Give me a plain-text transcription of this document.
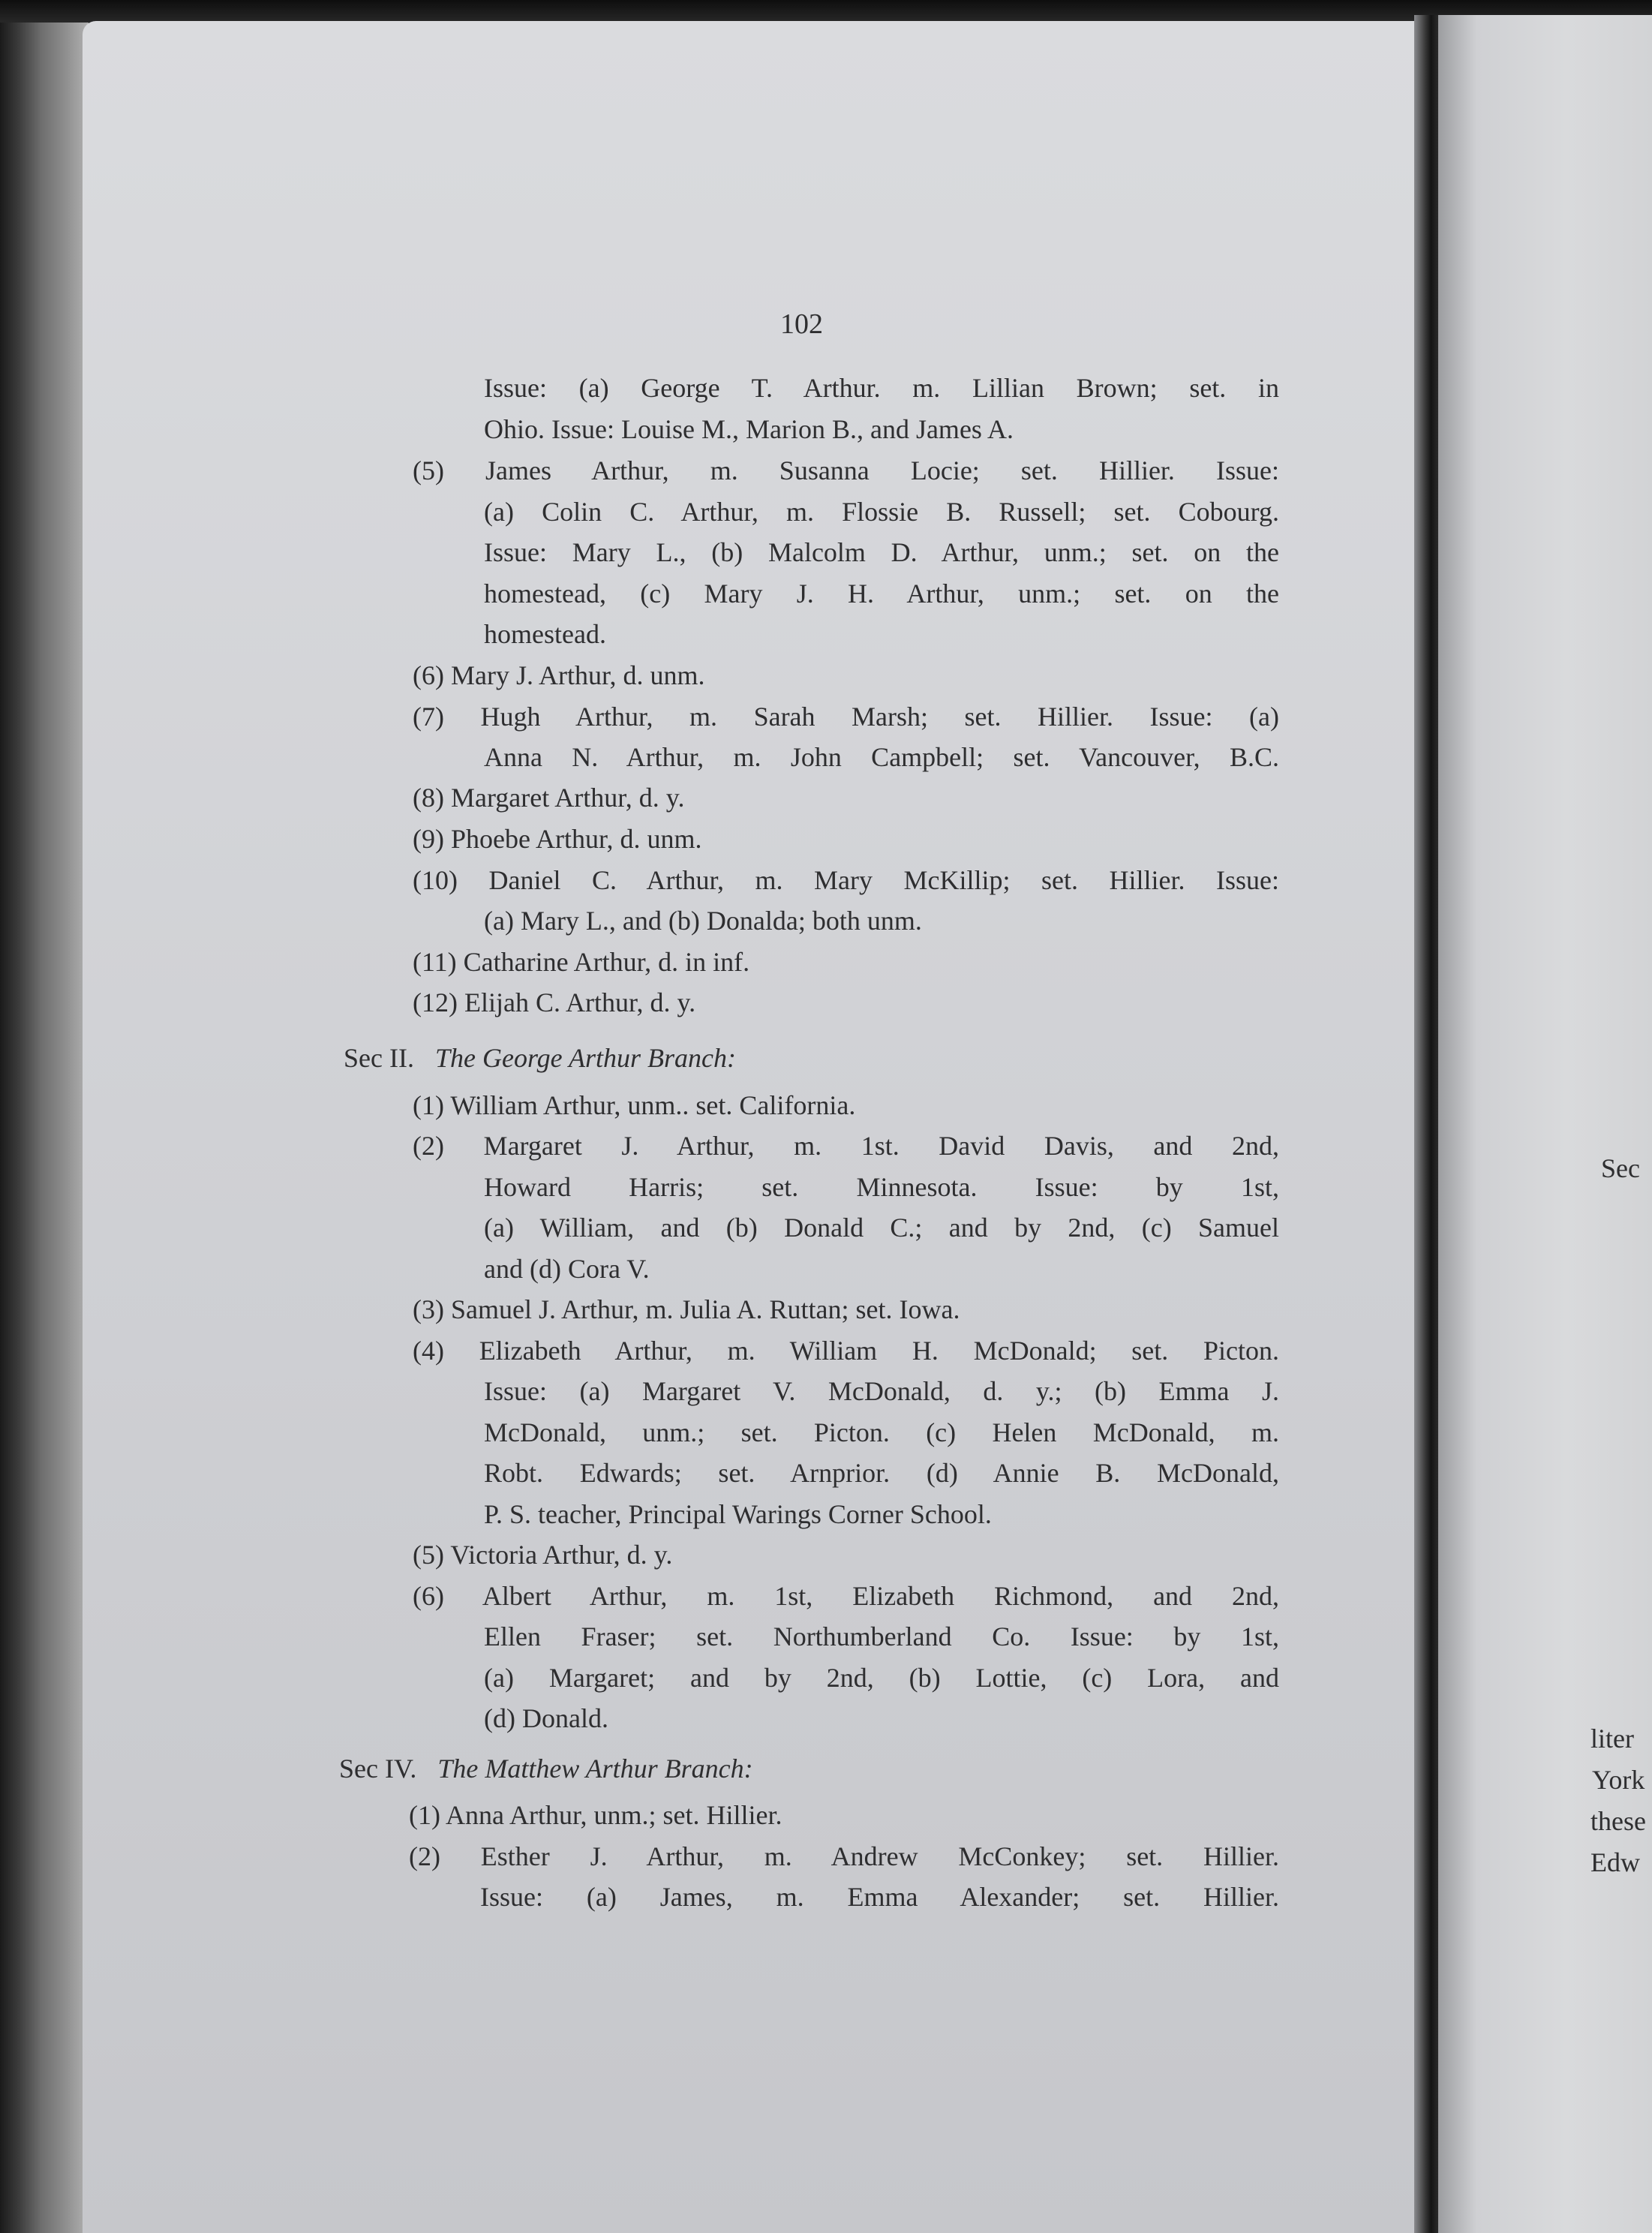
102
Issue: (a) George T. Arthur. m. Lillian Brown; set. in
Ohio. Issue: Louise M., Marion B., and James A.
(5) James Arthur, m. Susanna Locie; set. Hillier. Issue:
(a) Colin C. Arthur, m. Flossie B. Russell; set. Cobourg.
Issue: Mary L., (b) Malcolm D. Arthur, unm.; set. on the
homestead, (c) Mary J. H. Arthur, unm.; set. on the
homestead.
(6) Mary J. Arthur, d. unm.
(7) Hugh Arthur, m. Sarah Marsh; set. Hillier. Issue: (a)
Anna N. Arthur, m. John Campbell; set. Vancouver, B.C.
(8) Margaret Arthur, d. y.
(9) Phoebe Arthur, d. unm.
(10) Daniel C. Arthur, m. Mary McKillip; set. Hillier. Issue:
(a) Mary L., and (b) Donalda; both unm.
(11) Catharine Arthur, d. in inf.
(12) Elijah C. Arthur, d. y.
(1) William Arthur, unm.. set. California.
(2) Margaret J. Arthur, m. 1st. David Davis, and 2nd,
Howard Harris; set. Minnesota. Issue: by 1st,
(a) William, and (b) Donald C.; and by 2nd, (c) Samuel
and (d) Cora V.
(3) Samuel J. Arthur, m. Julia A. Ruttan; set. Iowa.
(4) Elizabeth Arthur, m. William H. McDonald; set. Picton.
Issue: (a) Margaret V. McDonald, d. y.; (b) Emma J.
McDonald, unm.; set. Picton. (c) Helen McDonald, m.
Robt. Edwards; set. Arnprior. (d) Annie B. McDonald,
P. S. teacher, Principal Warings Corner School.
(5) Victoria Arthur, d. y.
(6) Albert Arthur, m. 1st, Elizabeth Richmond, and 2nd,
Ellen Fraser; set. Northumberland Co. Issue: by 1st,
(a) Margaret; and by 2nd, (b) Lottie, (c) Lora, and
(d) Donald.
(1) Anna Arthur, unm.; set. Hillier.
(2) Esther J. Arthur, m. Andrew McConkey; set. Hillier.
Issue: (a) James, m. Emma Alexander; set. Hillier.
Sec II. The George Arthur Branch:
Sec IV. The Matthew Arthur Branch:
Sec
liter
York
these
Edw
